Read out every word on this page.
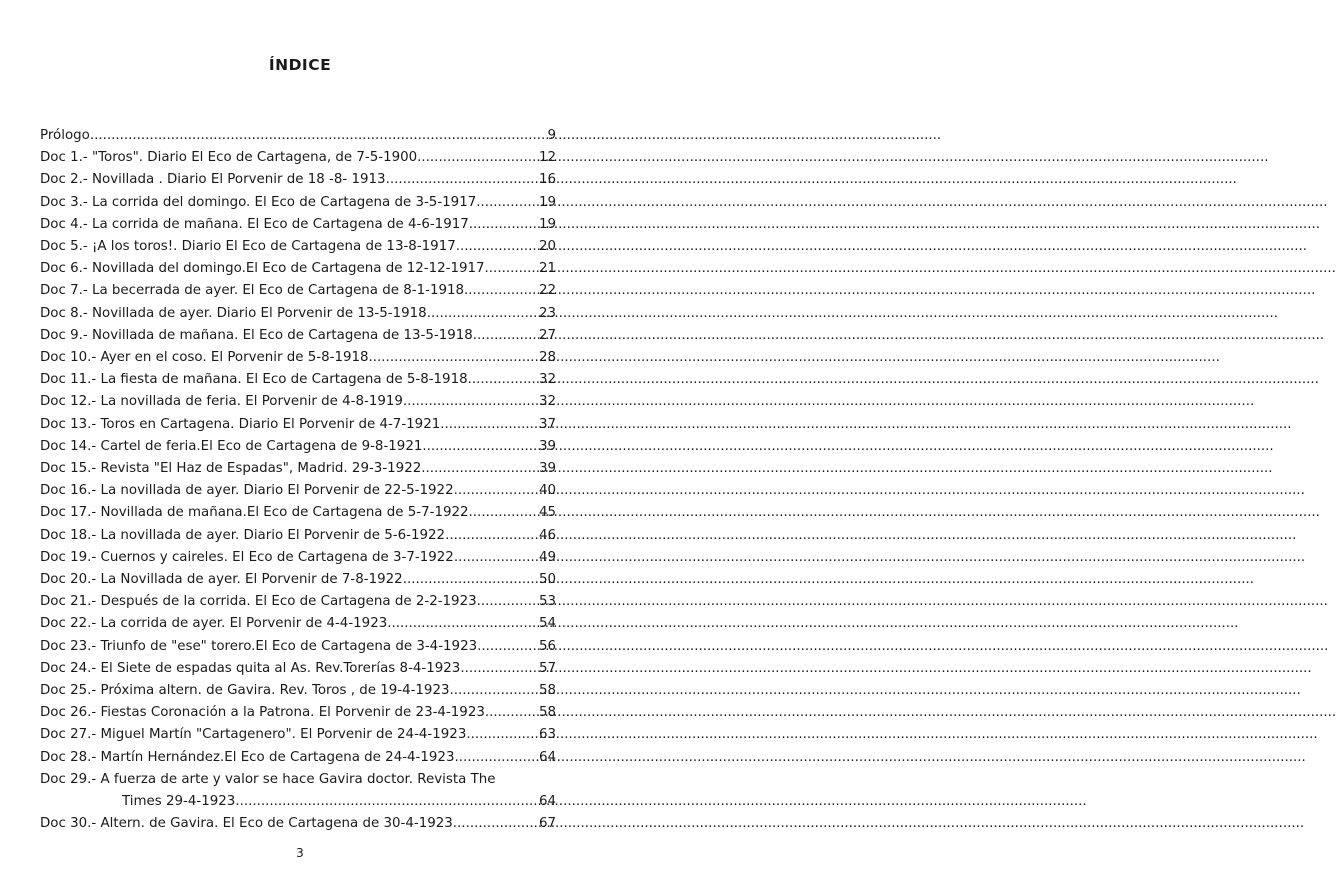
ÍNDICE
Prólogo .....	9
Doc 1.- "Toros". Diario El Eco de Cartagena, de 7-5-1900 .....	12
Doc 2.- Novillada . Diario El Porvenir de 18 -8- 1913 .....	16
Doc 3.- La corrida del domingo. El Eco de Cartagena de 3-5-1917 .....	19
Doc 4.- La corrida de mañana. El Eco de Cartagena de 4-6-1917 .....	19
Doc 5.- ¡A los toros!. Diario El Eco de Cartagena de 13-8-1917 .....	20
Doc 6.- Novillada del domingo.El Eco de Cartagena de 12-12-1917 .....	21
Doc 7.- La becerrada de ayer. El Eco de Cartagena de 8-1-1918 .....	22
Doc 8.- Novillada de ayer. Diario El Porvenir de 13-5-1918 .....	23
Doc 9.- Novillada de mañana. El Eco de Cartagena de 13-5-1918 .....	27
Doc 10.- Ayer en el coso. El Porvenir de 5-8-1918 .....	28
Doc 11.- La fiesta de mañana. El Eco de Cartagena de 5-8-1918 .....	32
Doc 12.- La novillada de feria. El Porvenir de 4-8-1919 .....	32
Doc 13.- Toros en Cartagena. Diario El Porvenir de 4-7-1921 .....	37
Doc 14.- Cartel de feria.El Eco de Cartagena de 9-8-1921 .....	39
Doc 15.- Revista "El Haz de Espadas", Madrid. 29-3-1922 .....	39
Doc 16.- La novillada de ayer. Diario El Porvenir de 22-5-1922 .....	40
Doc 17.- Novillada de mañana.El Eco de Cartagena de 5-7-1922 .....	45
Doc 18.- La novillada de ayer. Diario El Porvenir de 5-6-1922 .....	46
Doc 19.- Cuernos y caireles. El Eco de Cartagena de 3-7-1922 .....	49
Doc 20.- La Novillada de ayer. El Porvenir de 7-8-1922 .....	50
Doc 21.- Después de la corrida. El Eco de Cartagena de 2-2-1923 .....	53
Doc 22.- La corrida de ayer. El Porvenir de 4-4-1923 .....	54
Doc 23.- Triunfo de "ese" torero.El Eco de Cartagena de 3-4-1923 .....	56
Doc 24.- El Siete de espadas quita al As. Rev.Torerías 8-4-1923 .....	57
Doc 25.- Próxima altern. de Gavira. Rev. Toros , de 19-4-1923 .....	58
Doc 26.- Fiestas Coronación a la Patrona. El Porvenir de 23-4-1923 .....	58
Doc 27.- Miguel Martín "Cartagenero". El Porvenir de 24-4-1923 .....	63
Doc 28.- Martín Hernández.El Eco de Cartagena de 24-4-1923 .....	64
Doc 29.- A fuerza de arte y valor se hace Gavira doctor. Revista The
Times 29-4-1923 .....	64
Doc 30.- Altern. de Gavira. El Eco de Cartagena de 30-4-1923 .....	67
3
